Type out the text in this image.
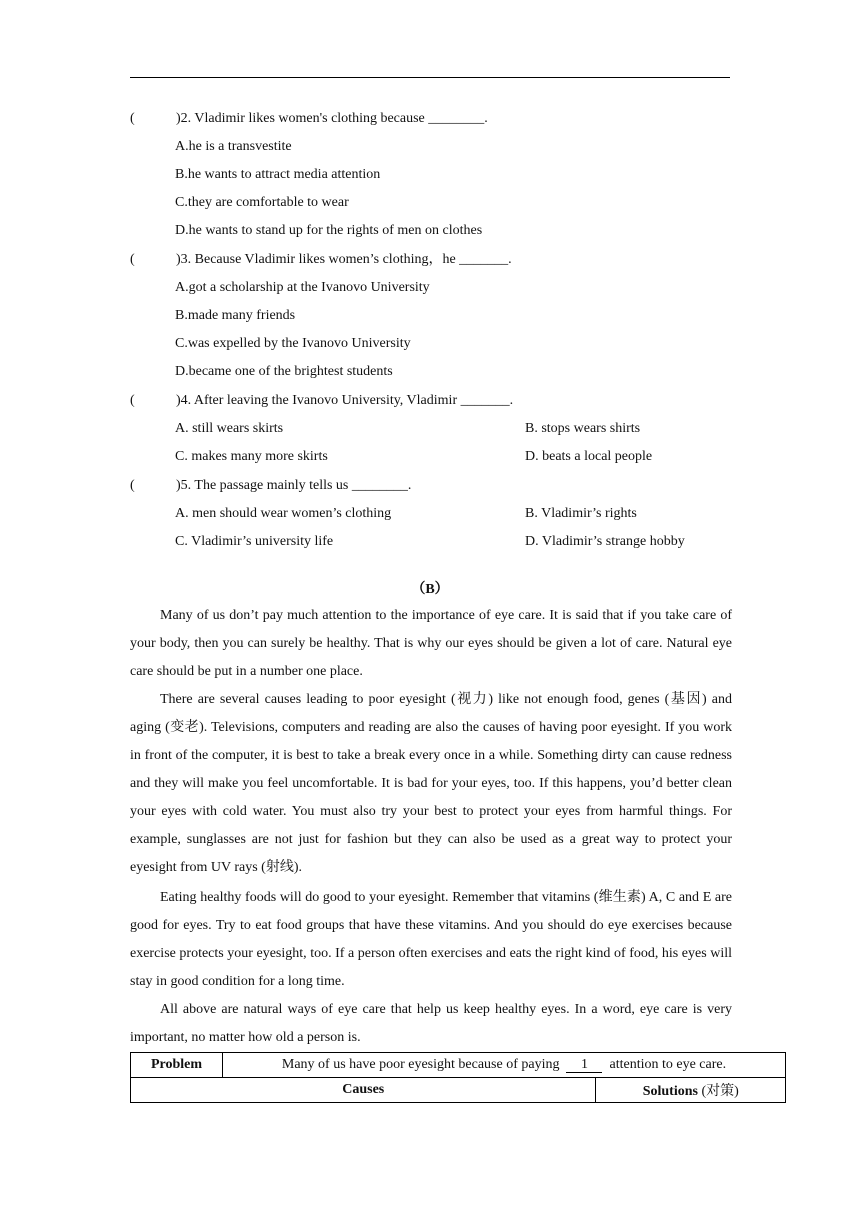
(	)2. Vladimir likes women's clothing because ________.
A.he is a transvestite
B.he wants to attract media attention
C.they are comfortable to wear
D.he wants to stand up for the rights of men on clothes
(	)3. Because Vladimir likes women’s clothing，he _______.
A.got a scholarship at the Ivanovo University
B.made many friends
C.was expelled by the Ivanovo University
D.became one of the brightest students
(	)4. After leaving the Ivanovo University, Vladimir _______.
A. still wears skirts	B. stops wears shirts
C. makes many more skirts	D. beats a local people
(	)5. The passage mainly tells us ________.
A. men should wear women’s clothing	B. Vladimir’s rights
C. Vladimir’s university life	D. Vladimir’s strange hobby
（B）

Many of us don’t pay much attention to the importance of eye care. It is said that if you take care of your body, then you can surely be healthy. That is why our eyes should be given a lot of care. Natural eye care should be put in a number one place.

There are several causes leading to poor eyesight (视力) like not enough food, genes (基因) and aging (变老). Televisions, computers and reading are also the causes of having poor eyesight. If you work in front of the computer, it is best to take a break every once in a while. Something dirty can cause redness and they will make you feel uncomfortable. It is bad for your eyes, too. If this happens, you’d better clean your eyes with cold water. You must also try your best to protect your eyes from harmful things. For example, sunglasses are not just for fashion but they can also be used as a great way to protect your eyesight from UV rays (射线).

Eating healthy foods will do good to your eyesight. Remember that vitamins (维生素) A, C and E are good for eyes. Try to eat food groups that have these vitamins. And you should do eye exercises because exercise protects your eyesight, too. If a person often exercises and eats the right kind of food, his eyes will stay in good condition for a long time.

All above are natural ways of eye care that help us keep healthy eyes. In a word, eye care is very important, no matter how old a person is.

Problem	Many of us have poor eyesight because of paying 1 attention to eye care.	
Causes		Solutions (对策)
